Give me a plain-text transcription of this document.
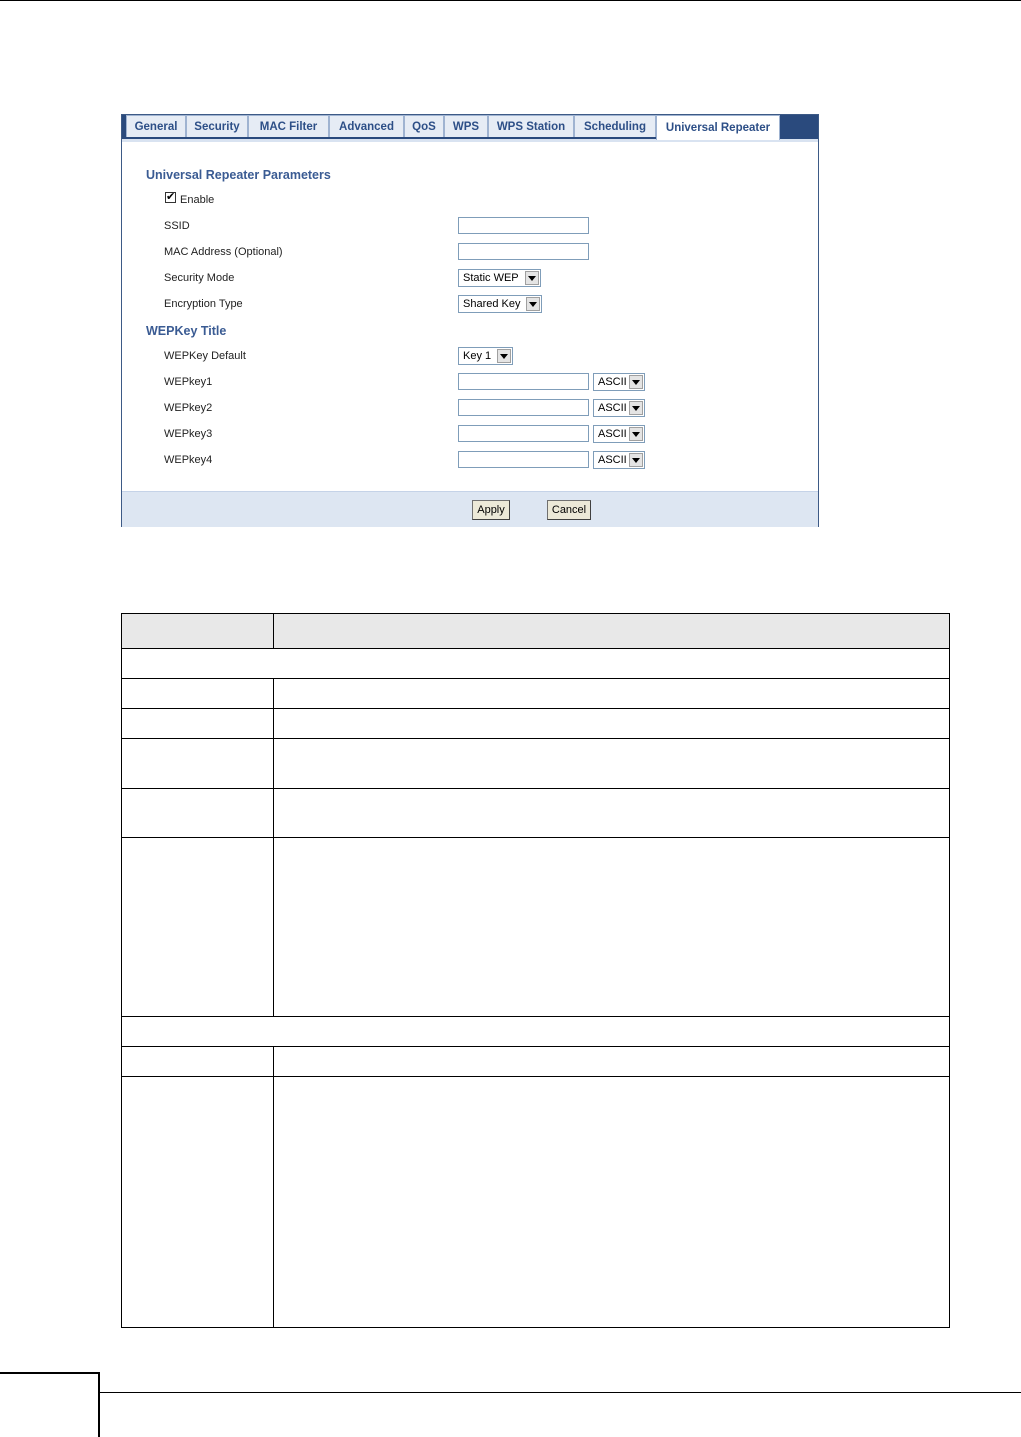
General	Security	MAC Filter	Advanced	QoS	WPS	WPS Station	Scheduling	Universal Repeater
Universal Repeater Parameters
✔ Enable
SSID
MAC Address (Optional)
Security Mode	Static WEP
Encryption Type	Shared Key
WEPKey Title
WEPKey Default	Key 1
WEPkey1	ASCII
WEPkey2	ASCII
WEPkey3	ASCII
WEPkey4	ASCII
Apply	Cancel
